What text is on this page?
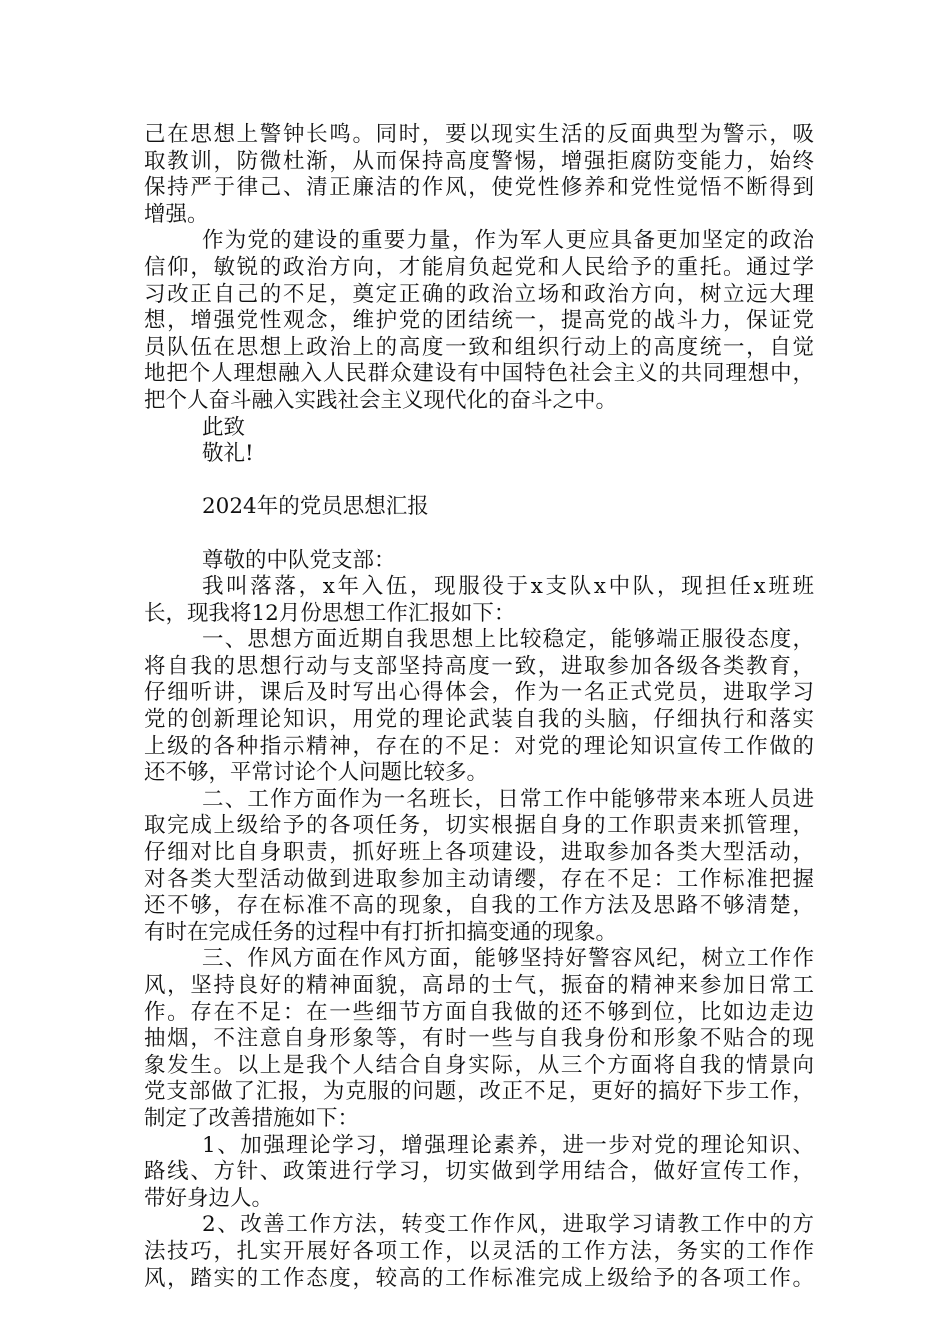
己在思想上警钟长鸣。同时，要以现实生活的反面典型为警示，吸
取教训，防微杜渐，从而保持高度警惕，增强拒腐防变能力，始终
保持严于律己、清正廉洁的作风，使党性修养和党性觉悟不断得到
增强。
作为党的建设的重要力量，作为军人更应具备更加坚定的政治
信仰，敏锐的政治方向，才能肩负起党和人民给予的重托。通过学
习改正自己的不足，奠定正确的政治立场和政治方向，树立远大理
想，增强党性观念，维护党的团结统一，提高党的战斗力，保证党
员队伍在思想上政治上的高度一致和组织行动上的高度统一，自觉
地把个人理想融入人民群众建设有中国特色社会主义的共同理想中，
把个人奋斗融入实践社会主义现代化的奋斗之中。
此致
敬礼!
2024年的党员思想汇报
尊敬的中队党支部：
我叫落落，x年入伍，现服役于x支队x中队，现担任x班班
长，现我将12月份思想工作汇报如下：
一、思想方面近期自我思想上比较稳定，能够端正服役态度，
将自我的思想行动与支部坚持高度一致，进取参加各级各类教育，
仔细听讲，课后及时写出心得体会，作为一名正式党员，进取学习
党的创新理论知识，用党的理论武装自我的头脑，仔细执行和落实
上级的各种指示精神，存在的不足：对党的理论知识宣传工作做的
还不够，平常讨论个人问题比较多。
二、工作方面作为一名班长，日常工作中能够带来本班人员进
取完成上级给予的各项任务，切实根据自身的工作职责来抓管理，
仔细对比自身职责，抓好班上各项建设，进取参加各类大型活动，
对各类大型活动做到进取参加主动请缨，存在不足：工作标准把握
还不够，存在标准不高的现象，自我的工作方法及思路不够清楚，
有时在完成任务的过程中有打折扣搞变通的现象。
三、作风方面在作风方面，能够坚持好警容风纪，树立工作作
风，坚持良好的精神面貌，高昂的士气，振奋的精神来参加日常工
作。存在不足：在一些细节方面自我做的还不够到位，比如边走边
抽烟，不注意自身形象等，有时一些与自我身份和形象不贴合的现
象发生。以上是我个人结合自身实际，从三个方面将自我的情景向
党支部做了汇报，为克服的问题，改正不足，更好的搞好下步工作，
制定了改善措施如下：
1、加强理论学习，增强理论素养，进一步对党的理论知识、
路线、方针、政策进行学习，切实做到学用结合，做好宣传工作，
带好身边人。
2、改善工作方法，转变工作作风，进取学习请教工作中的方
法技巧，扎实开展好各项工作，以灵活的工作方法，务实的工作作
风，踏实的工作态度，较高的工作标准完成上级给予的各项工作。
